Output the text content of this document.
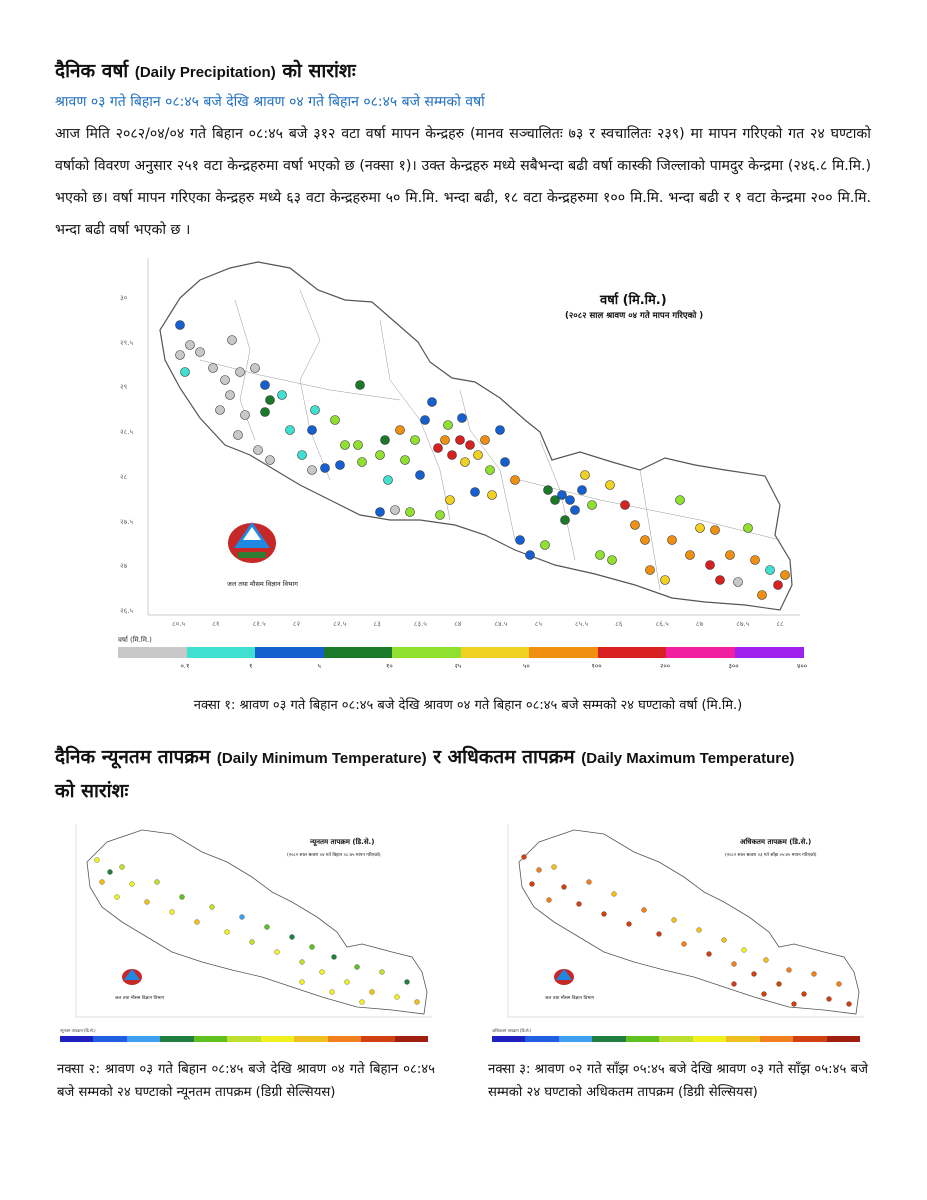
दैनिक वर्षा (Daily Precipitation) को सारांशः
श्रावण ०३ गते बिहान ०८:४५ बजे देखि श्रावण ०४ गते बिहान ०८:४५ बजे सम्मको वर्षा
आज मिति २०८२/०४/०४ गते बिहान ०८:४५ बजे ३१२ वटा वर्षा मापन केन्द्रहरु (मानव सञ्चालितः ७३ र स्वचालितः २३९) मा मापन गरिएको गत २४ घण्टाको वर्षाको विवरण अनुसार २५१ वटा केन्द्रहरुमा वर्षा भएको छ (नक्सा १)। उक्त केन्द्रहरु मध्ये सबैभन्दा बढी वर्षा कास्की जिल्लाको पामदुर केन्द्रमा (२४६.८ मि.मि.) भएको छ। वर्षा मापन गरिएका केन्द्रहरु मध्ये ६३ वटा केन्द्रहरुमा ५० मि.मि. भन्दा बढी, १८ वटा केन्द्रहरुमा १०० मि.मि. भन्दा बढी र १ वटा केन्द्रमा २०० मि.मि. भन्दा बढी वर्षा भएको छ ।
वर्षा (मि.मि.)
(२०८२ साल श्रावण ०४ गते मापन गरिएको )
जल तथा मौसम विज्ञान विभाग
३०
२९.५
२९
२८.५
२८
२७.५
२७
२६.५
८०.५	८१	८१.५	८२	८२.५	८३	८३.५	८४	८४.५	८५	८५.५	८६	८६.५	८७	८७.५	८८
वर्षा (मि.मि.)
०.१	१	५	१०	२५	५०	१००	२००	३००	४००
नक्सा १: श्रावण ०३ गते बिहान ०८:४५ बजे देखि श्रावण ०४ गते बिहान ०८:४५ बजे सम्मको २४ घण्टाको वर्षा (मि.मि.)
दैनिक न्यूनतम तापक्रम (Daily Minimum Temperature) र अधिकतम तापक्रम (Daily Maximum Temperature)
को सारांशः
न्यूनतम तापक्रम (डि.से.)
(२०८२ साल श्रावण ०४ गते बिहान ०८:४५ मापन गरिएको)
जल तथा मौसम विज्ञान विभाग
न्यूनतम तापक्रम (डि.से.)
अधिकतम तापक्रम (डि.से.)
(२०८२ साल श्रावण ०३ गते साँझ ०५:४५ मापन गरिएको)
जल तथा मौसम विज्ञान विभाग
अधिकतम तापक्रम (डि.से.)
नक्सा २: श्रावण ०३ गते बिहान ०८:४५ बजे देखि श्रावण ०४ गते बिहान ०८:४५ बजे सम्मको २४ घण्टाको न्यूनतम तापक्रम (डिग्री सेल्सियस)
नक्सा ३: श्रावण ०२ गते साँझ ०५:४५ बजे देखि श्रावण ०३ गते साँझ ०५:४५ बजे सम्मको २४ घण्टाको अधिकतम तापक्रम (डिग्री सेल्सियस)
